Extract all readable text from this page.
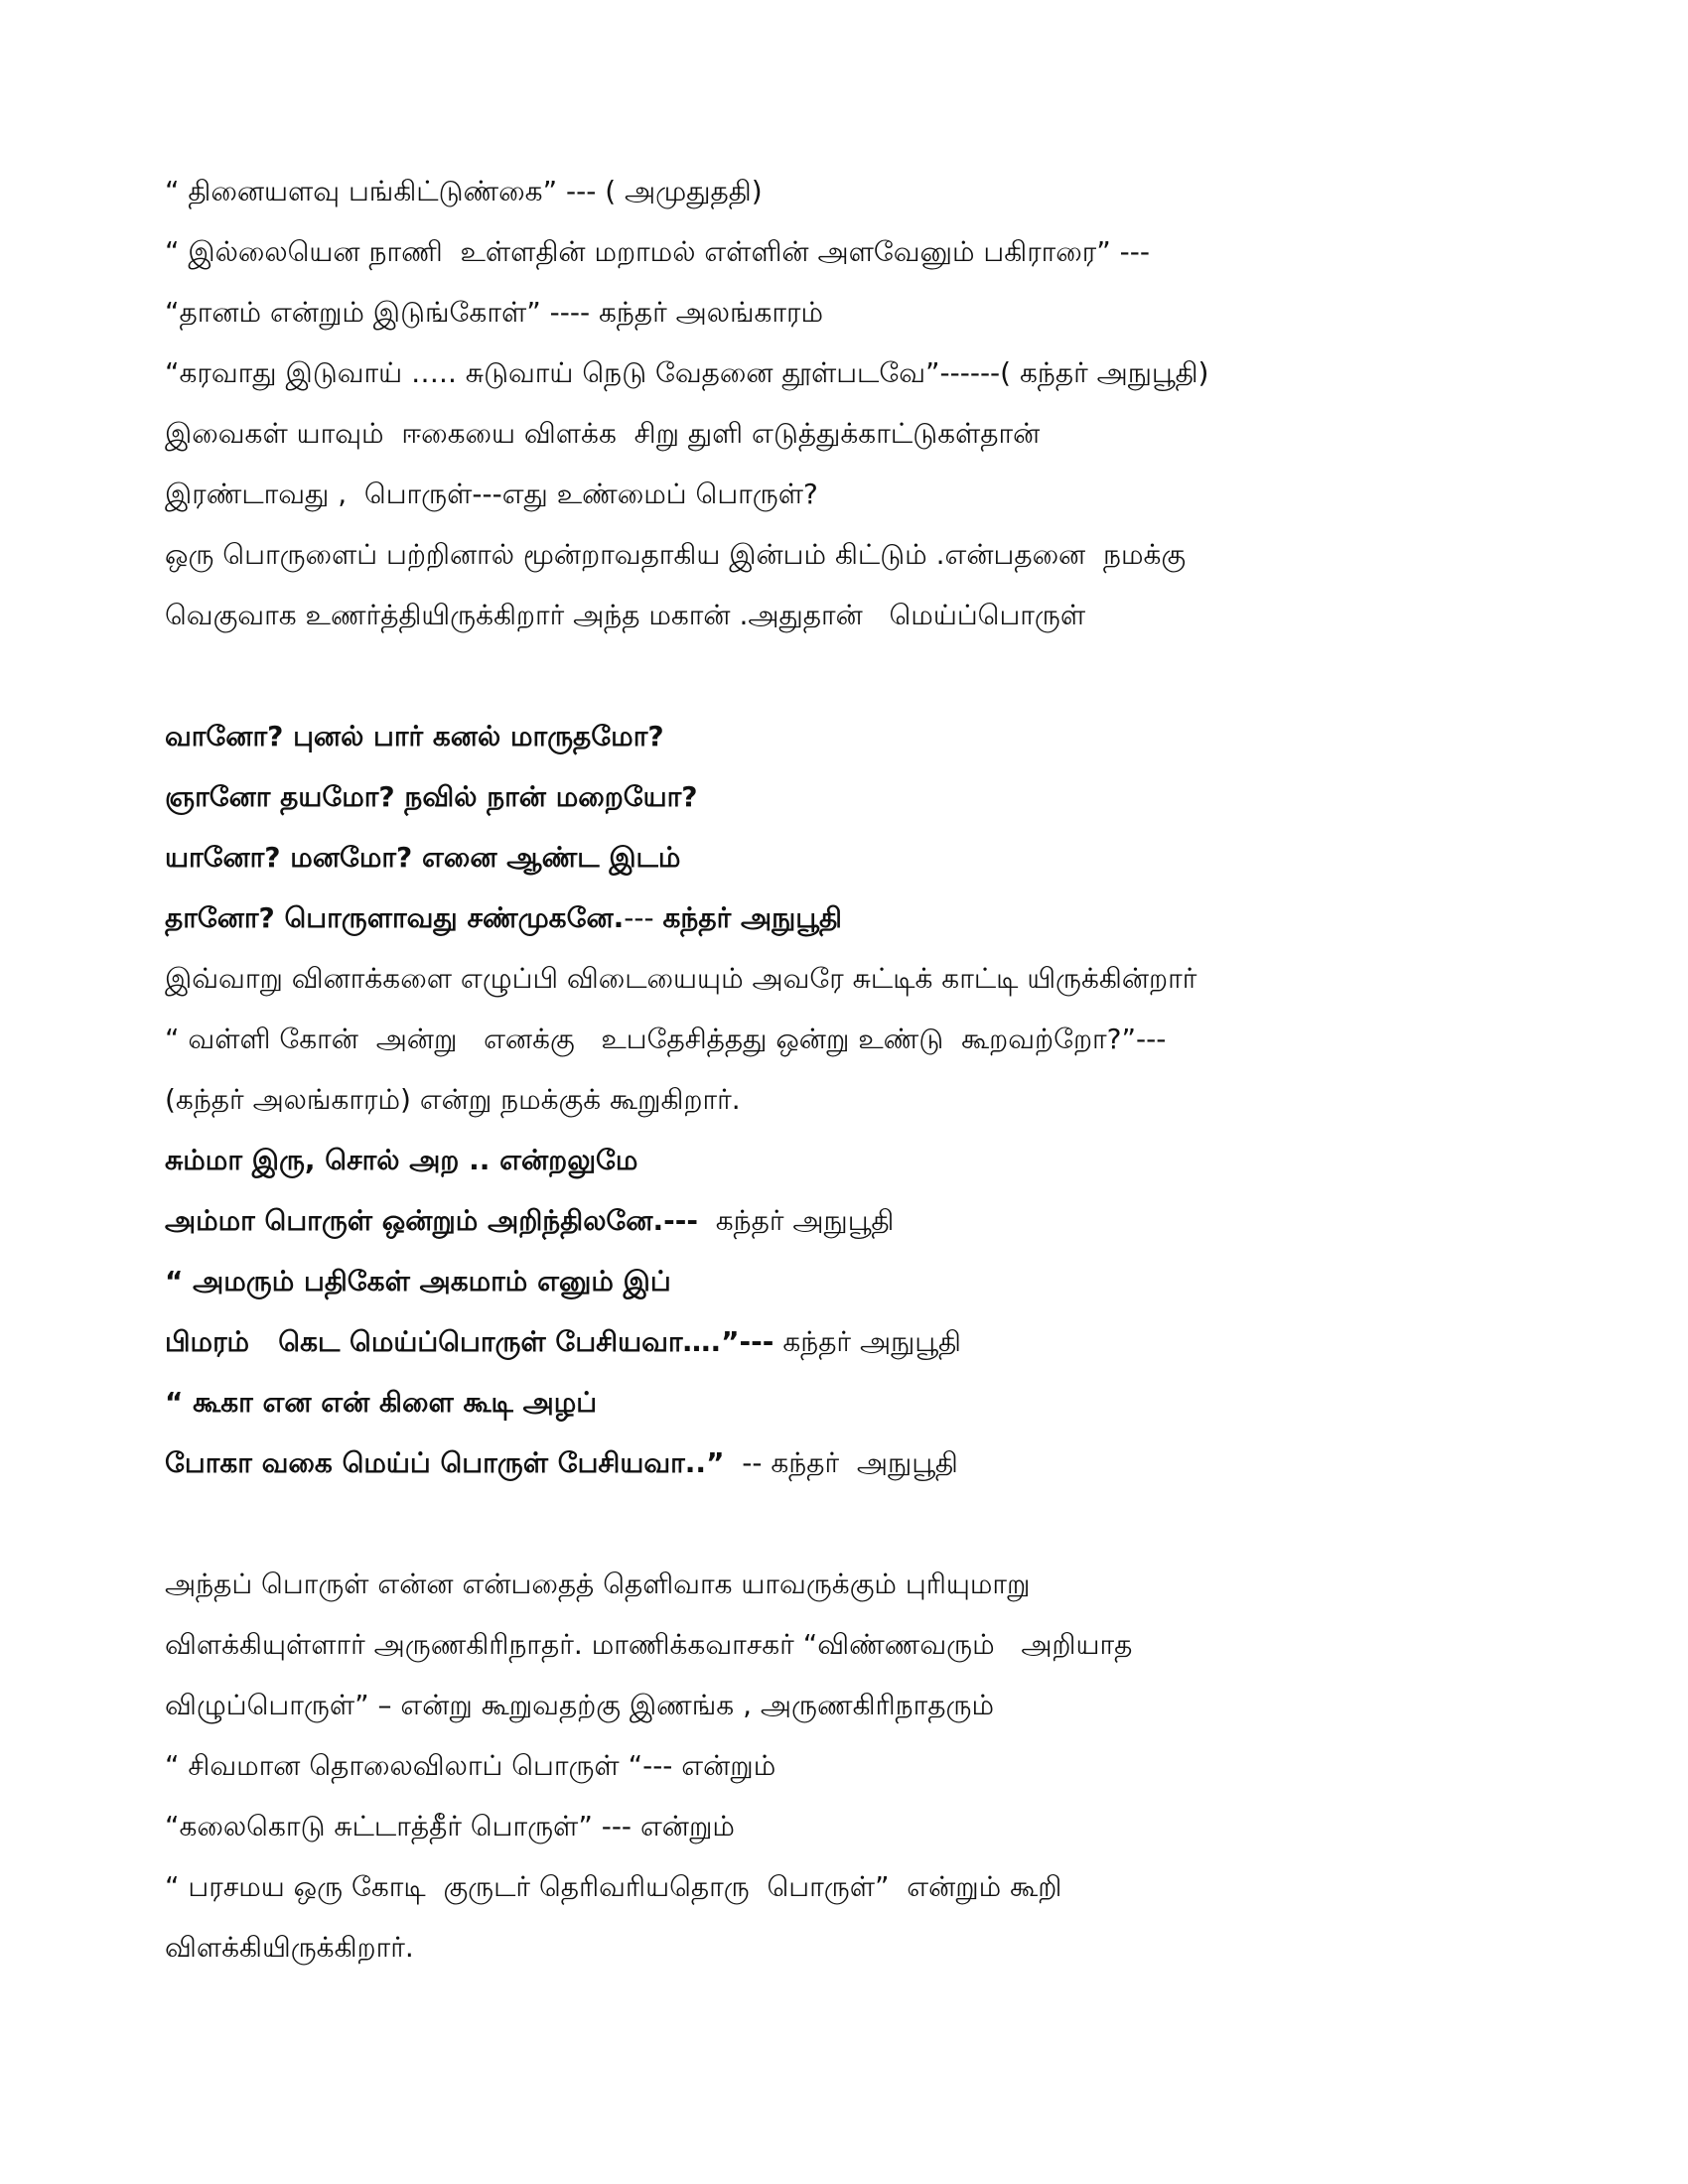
“ தினையளவு பங்கிட்டுண்கை” --- ( அமுதுததி)
“ இல்லையென நாணி  உள்ளதின் மறாமல் எள்ளின் அளவேனும் பகிராரை” ---
“தானம் என்றும் இடுங்கோள்” ---- கந்தர் அலங்காரம்
“கரவாது இடுவாய் ….. சுடுவாய் நெடு வேதனை தூள்படவே”------( கந்தர் அநுபூதி)
இவைகள் யாவும்  ஈகையை விளக்க  சிறு துளி எடுத்துக்காட்டுகள்தான்
இரண்டாவது ,  பொருள்---எது உண்மைப் பொருள்?
ஒரு பொருளைப் பற்றினால் மூன்றாவதாகிய இன்பம் கிட்டும் .என்பதனை  நமக்கு
வெகுவாக உணர்த்தியிருக்கிறார் அந்த மகான் .அதுதான்   மெய்ப்பொருள்
வானோ? புனல் பார் கனல் மாருதமோ?
ஞானோ தயமோ? நவில் நான் மறையோ?
யானோ? மனமோ? எனை ஆண்ட இடம்
தானோ? பொருளாவது சண்முகனே.--- கந்தர் அநுபூதி
இவ்வாறு வினாக்களை எழுப்பி விடையையும் அவரே சுட்டிக் காட்டி யிருக்கின்றார்
“ வள்ளி கோன்  அன்று   எனக்கு   உபதேசித்தது ஒன்று உண்டு  கூறவற்றோ?”---
(கந்தர் அலங்காரம்) என்று நமக்குக் கூறுகிறார்.
சும்மா இரு, சொல் அற .. என்றலுமே
அம்மா பொருள் ஒன்றும் அறிந்திலனே.---  கந்தர் அநுபூதி
“ அமரும் பதிகேள் அகமாம் எனும் இப்
பிமரம்   கெட மெய்ப்பொருள் பேசியவா….”--- கந்தர் அநுபூதி
“ கூகா என என் கிளை கூடி அழப்
போகா வகை மெய்ப் பொருள் பேசியவா..”  -- கந்தர்  அநுபூதி
அந்தப் பொருள் என்ன என்பதைத் தெளிவாக யாவருக்கும் புரியுமாறு
விளக்கியுள்ளார் அருணகிரிநாதர். மாணிக்கவாசகர் “விண்ணவரும்   அறியாத
விழுப்பொருள்” – என்று கூறுவதற்கு இணங்க , அருணகிரிநாதரும்
“ சிவமான தொலைவிலாப் பொருள் “--- என்றும்
“கலைகொடு சுட்டாத்தீர் பொருள்” --- என்றும்
“ பரசமய ஒரு கோடி  குருடர் தெரிவரியதொரு  பொருள்”  என்றும் கூறி
விளக்கியிருக்கிறார்.
